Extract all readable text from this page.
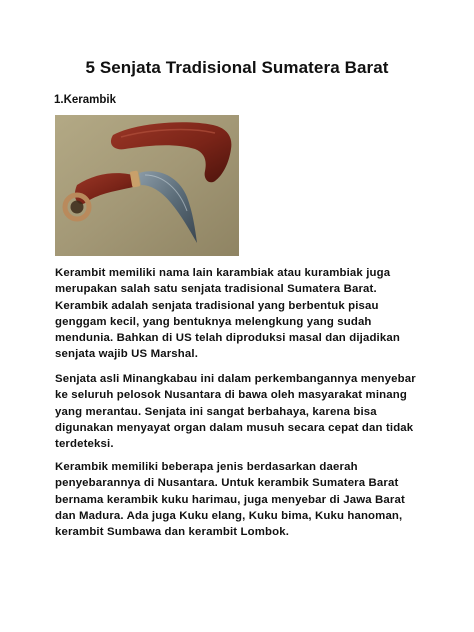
5 Senjata Tradisional Sumatera Barat
1.Kerambik

Kerambit memiliki nama lain karambiak atau kurambiak juga merupakan salah satu senjata tradisional Sumatera Barat. Kerambik adalah senjata tradisional yang berbentuk pisau genggam kecil, yang bentuknya melengkung yang sudah mendunia. Bahkan di US telah diproduksi masal dan dijadikan senjata wajib US Marshal.

Senjata asli Minangkabau ini dalam perkembangannya menyebar ke seluruh pelosok Nusantara di bawa oleh masyarakat minang yang merantau. Senjata ini sangat berbahaya, karena bisa digunakan menyayat organ dalam musuh secara cepat dan tidak terdeteksi.

Kerambik memiliki beberapa jenis berdasarkan daerah penyebarannya di Nusantara. Untuk kerambik Sumatera Barat bernama kerambik kuku harimau, juga menyebar di Jawa Barat dan Madura. Ada juga Kuku elang, Kuku bima, Kuku hanoman, kerambit Sumbawa dan kerambit Lombok.
